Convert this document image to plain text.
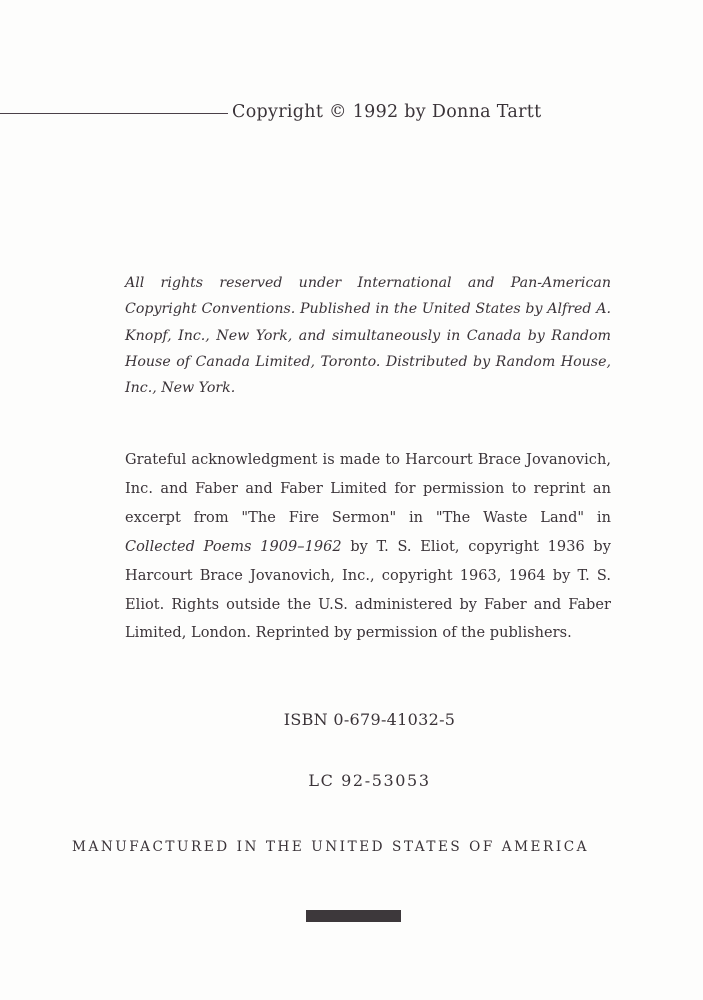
Copyright © 1992 by Donna Tartt
All rights reserved under International and Pan-American Copyright Conventions. Published in the United States by Alfred A. Knopf, Inc., New York, and simultaneously in Canada by Random House of Canada Limited, Toronto. Distributed by Random House, Inc., New York.
Grateful acknowledgment is made to Harcourt Brace Jovanovich, Inc. and Faber and Faber Limited for permission to reprint an excerpt from "The Fire Sermon" in "The Waste Land" in Collected Poems 1909–1962 by T. S. Eliot, copyright 1936 by Harcourt Brace Jovanovich, Inc., copyright 1963, 1964 by T. S. Eliot. Rights outside the U.S. administered by Faber and Faber Limited, London. Reprinted by permission of the publishers.
ISBN 0-679-41032-5
LC 92-53053
MANUFACTURED IN THE UNITED STATES OF AMERICA
